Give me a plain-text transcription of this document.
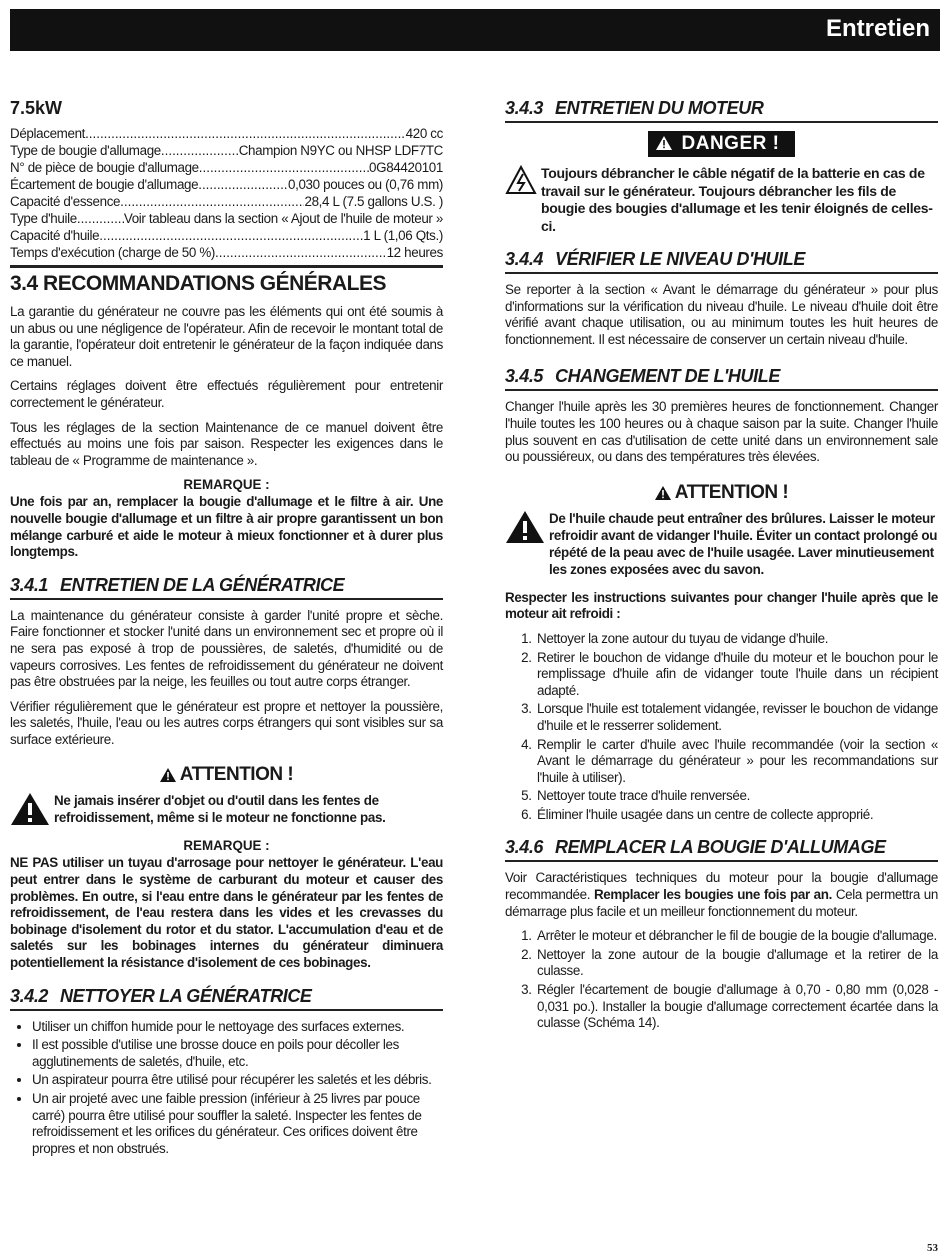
Entretien
7.5kW
Déplacement .....	420 cc
Type de bougie d'allumage .....	Champion N9YC ou NHSP LDF7TC
N° de pièce de bougie d'allumage .....	0G84420101
Écartement de bougie d'allumage .....	0,030 pouces ou (0,76 mm)
Capacité d'essence .....	28,4 L (7.5 gallons U.S. )
Type d'huile .....	Voir tableau dans la section « Ajout de l'huile de moteur »
Capacité d'huile .....	1 L (1,06 Qts.)
Temps d'exécution (charge de 50 %) .....	12 heures
3.4 RECOMMANDATIONS GÉNÉRALES

La garantie du générateur ne couvre pas les éléments qui ont été soumis à un abus ou une négligence de l'opérateur. Afin de recevoir le montant total de la garantie, l'opérateur doit entretenir le générateur de la façon indiquée dans ce manuel.

Certains réglages doivent être effectués régulièrement pour entretenir correctement le générateur.

Tous les réglages de la section Maintenance de ce manuel doivent être effectués au moins une fois par saison. Respecter les exigences dans le tableau de « Programme de maintenance ».

REMARQUE :

Une fois par an, remplacer la bougie d'allumage et le filtre à air. Une nouvelle bougie d'allumage et un filtre à air propre garantissent un bon mélange carburé et aide le moteur à mieux fonctionner et à durer plus longtemps.

3.4.1 ENTRETIEN DE LA GÉNÉRATRICE

La maintenance du générateur consiste à garder l'unité propre et sèche. Faire fonctionner et stocker l'unité dans un environnement sec et propre où il ne sera pas exposé à trop de poussières, de saletés, d'humidité ou de vapeurs corrosives. Les fentes de refroidissement du générateur ne doivent pas être obstruées par la neige, les feuilles ou tout autre corps étranger.

Vérifier régulièrement que le générateur est propre et nettoyer la poussière, les saletés, l'huile, l'eau ou les autres corps étrangers qui sont visibles sur sa surface extérieure.

ATTENTION !
Ne jamais insérer d'objet ou d'outil dans les fentes de refroidissement, même si le moteur ne fonctionne pas.
REMARQUE :

NE PAS utiliser un tuyau d'arrosage pour nettoyer le générateur. L'eau peut entrer dans le système de carburant du moteur et causer des problèmes. En outre, si l'eau entre dans le générateur par les fentes de refroidissement, de l'eau restera dans les vides et les crevasses du bobinage d'isolement du rotor et du stator. L'accumulation d'eau et de saletés sur les bobinages internes du générateur diminuera potentiellement la résistance d'isolement de ces bobinages.

3.4.2 NETTOYER LA GÉNÉRATRICE
• Utiliser un chiffon humide pour le nettoyage des surfaces externes.
• Il est possible d'utilise une brosse douce en poils pour décoller les agglutinements de saletés, d'huile, etc.
• Un aspirateur pourra être utilisé pour récupérer les saletés et les débris.
• Un air projeté avec une faible pression (inférieur à 25 livres par pouce carré) pourra être utilisé pour souffler la saleté. Inspecter les fentes de refroidissement et les orifices du générateur. Ces orifices doivent être propres et non obstrués.
3.4.3 ENTRETIEN DU MOTEUR
DANGER !
Toujours débrancher le câble négatif de la batterie en cas de travail sur le générateur. Toujours débrancher les fils de bougie des bougies d'allumage et les tenir éloignés de celles-ci.
3.4.4 VÉRIFIER LE NIVEAU D'HUILE

Se reporter à la section « Avant le démarrage du générateur » pour plus d'informations sur la vérification du niveau d'huile. Le niveau d'huile doit être vérifié avant chaque utilisation, ou au minimum toutes les huit heures de fonctionnement. Il est nécessaire de conserver un certain niveau d'huile.

3.4.5 CHANGEMENT DE L'HUILE

Changer l'huile après les 30 premières heures de fonctionnement. Changer l'huile toutes les 100 heures ou à chaque saison par la suite. Changer l'huile plus souvent en cas d'utilisation de cette unité dans un environnement sale ou poussiéreux, ou dans des températures très élevées.

ATTENTION !
De l'huile chaude peut entraîner des brûlures. Laisser le moteur refroidir avant de vidanger l'huile. Éviter un contact prolongé ou répété de la peau avec de l'huile usagée. Laver minutieusement les zones exposées avec du savon.

Respecter les instructions suivantes pour changer l'huile après que le moteur ait refroidi :

1. Nettoyer la zone autour du tuyau de vidange d'huile.
2. Retirer le bouchon de vidange d'huile du moteur et le bouchon pour le remplissage d'huile afin de vidanger toute l'huile dans un récipient adapté.
3. Lorsque l'huile est totalement vidangée, revisser le bouchon de vidange d'huile et le resserrer solidement.
4. Remplir le carter d'huile avec l'huile recommandée (voir la section « Avant le démarrage du générateur » pour les recommandations sur l'huile à utiliser).
5. Nettoyer toute trace d'huile renversée.
6. Éliminer l'huile usagée dans un centre de collecte approprié.
3.4.6 REMPLACER LA BOUGIE D'ALLUMAGE

Voir Caractéristiques techniques du moteur pour la bougie d'allumage recommandée. Remplacer les bougies une fois par an. Cela permettra un démarrage plus facile et un meilleur fonctionnement du moteur.

1. Arrêter le moteur et débrancher le fil de bougie de la bougie d'allumage.
2. Nettoyer la zone autour de la bougie d'allumage et la retirer de la culasse.
3. Régler l'écartement de bougie d'allumage à 0,70 - 0,80 mm (0,028 - 0,031 po.). Installer la bougie d'allumage correctement écartée dans la culasse (Schéma 14).
53
